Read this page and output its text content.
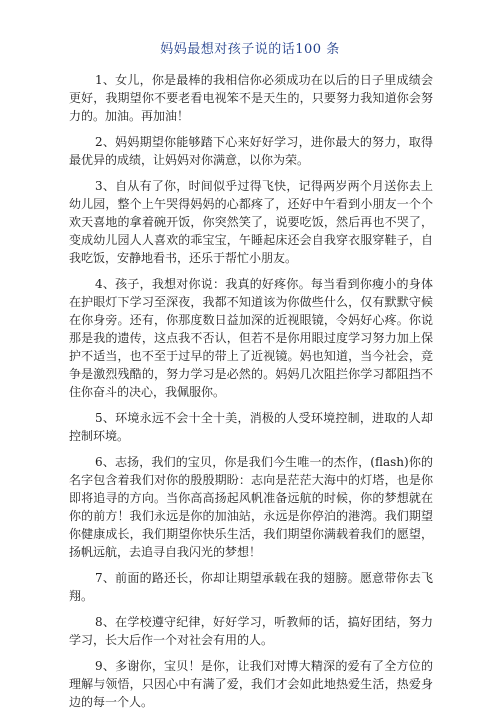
妈妈最想对孩子说的话100 条

1、女儿，你是最棒的我相信你必须成功在以后的日子里成绩会更好，我期望你不要老看电视笨不是天生的，只要努力我知道你会努力的。加油。再加油！

2、妈妈期望你能够踏下心来好好学习，进你最大的努力，取得最优异的成绩，让妈妈对你满意，以你为荣。

3、自从有了你，时间似乎过得飞快，记得两岁两个月送你去上幼儿园，整个上午哭得妈妈的心都疼了，还好中午看到小朋友一个个欢天喜地的拿着碗开饭，你突然笑了，说要吃饭，然后再也不哭了，变成幼儿园人人喜欢的乖宝宝，午睡起床还会自我穿衣服穿鞋子，自我吃饭，安静地看书，还乐于帮忙小朋友。

4、孩子，我想对你说：我真的好疼你。每当看到你瘦小的身体在护眼灯下学习至深夜，我都不知道该为你做些什么，仅有默默守候在你身旁。还有，你那度数日益加深的近视眼镜，令妈好心疼。你说那是我的遗传，这点我不否认，但若不是你用眼过度学习努力加上保护不适当，也不至于过早的带上了近视镜。妈也知道，当今社会，竞争是激烈残酷的，努力学习是必然的。妈妈几次阻拦你学习都阻挡不住你奋斗的决心，我佩服你。

5、环境永远不会十全十美，消极的人受环境控制，进取的人却控制环境。

6、志扬，我们的宝贝，你是我们今生唯一的杰作，(flash)你的名字包含着我们对你的殷殷期盼：志向是茫茫大海中的灯塔，也是你即将追寻的方向。当你高高扬起风帆准备远航的时候，你的梦想就在你的前方！我们永远是你的加油站，永远是你停泊的港湾。我们期望你健康成长，我们期望你快乐生活，我们期望你满载着我们的愿望，扬帆远航，去追寻自我闪光的梦想！

7、前面的路还长，你却让期望承载在我的翅膀。愿意带你去飞翔。

8、在学校遵守纪律，好好学习，听教师的话，搞好团结，努力学习，长大后作一个对社会有用的人。

9、多谢你，宝贝！是你，让我们对博大精深的爱有了全方位的理解与领悟，只因心中有满了爱，我们才会如此地热爱生活，热爱身边的每一个人。
